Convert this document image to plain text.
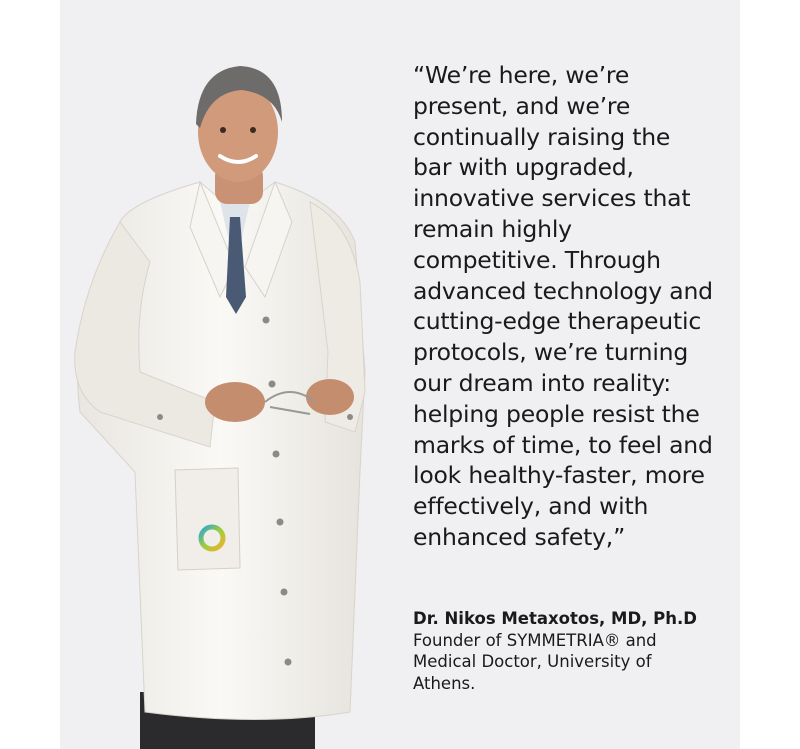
“We’re here, we’re present, and we’re continually raising the bar with upgraded, innovative services that remain highly competitive. Through advanced technology and cutting-edge therapeutic protocols, we’re turning our dream into reality: helping people resist the marks of time, to feel and look healthy-faster, more effectively, and with enhanced safety,”

Dr. Nikos Metaxotos, MD, Ph.D
Founder of SYMMETRIA® and Medical Doctor, University of Athens.
